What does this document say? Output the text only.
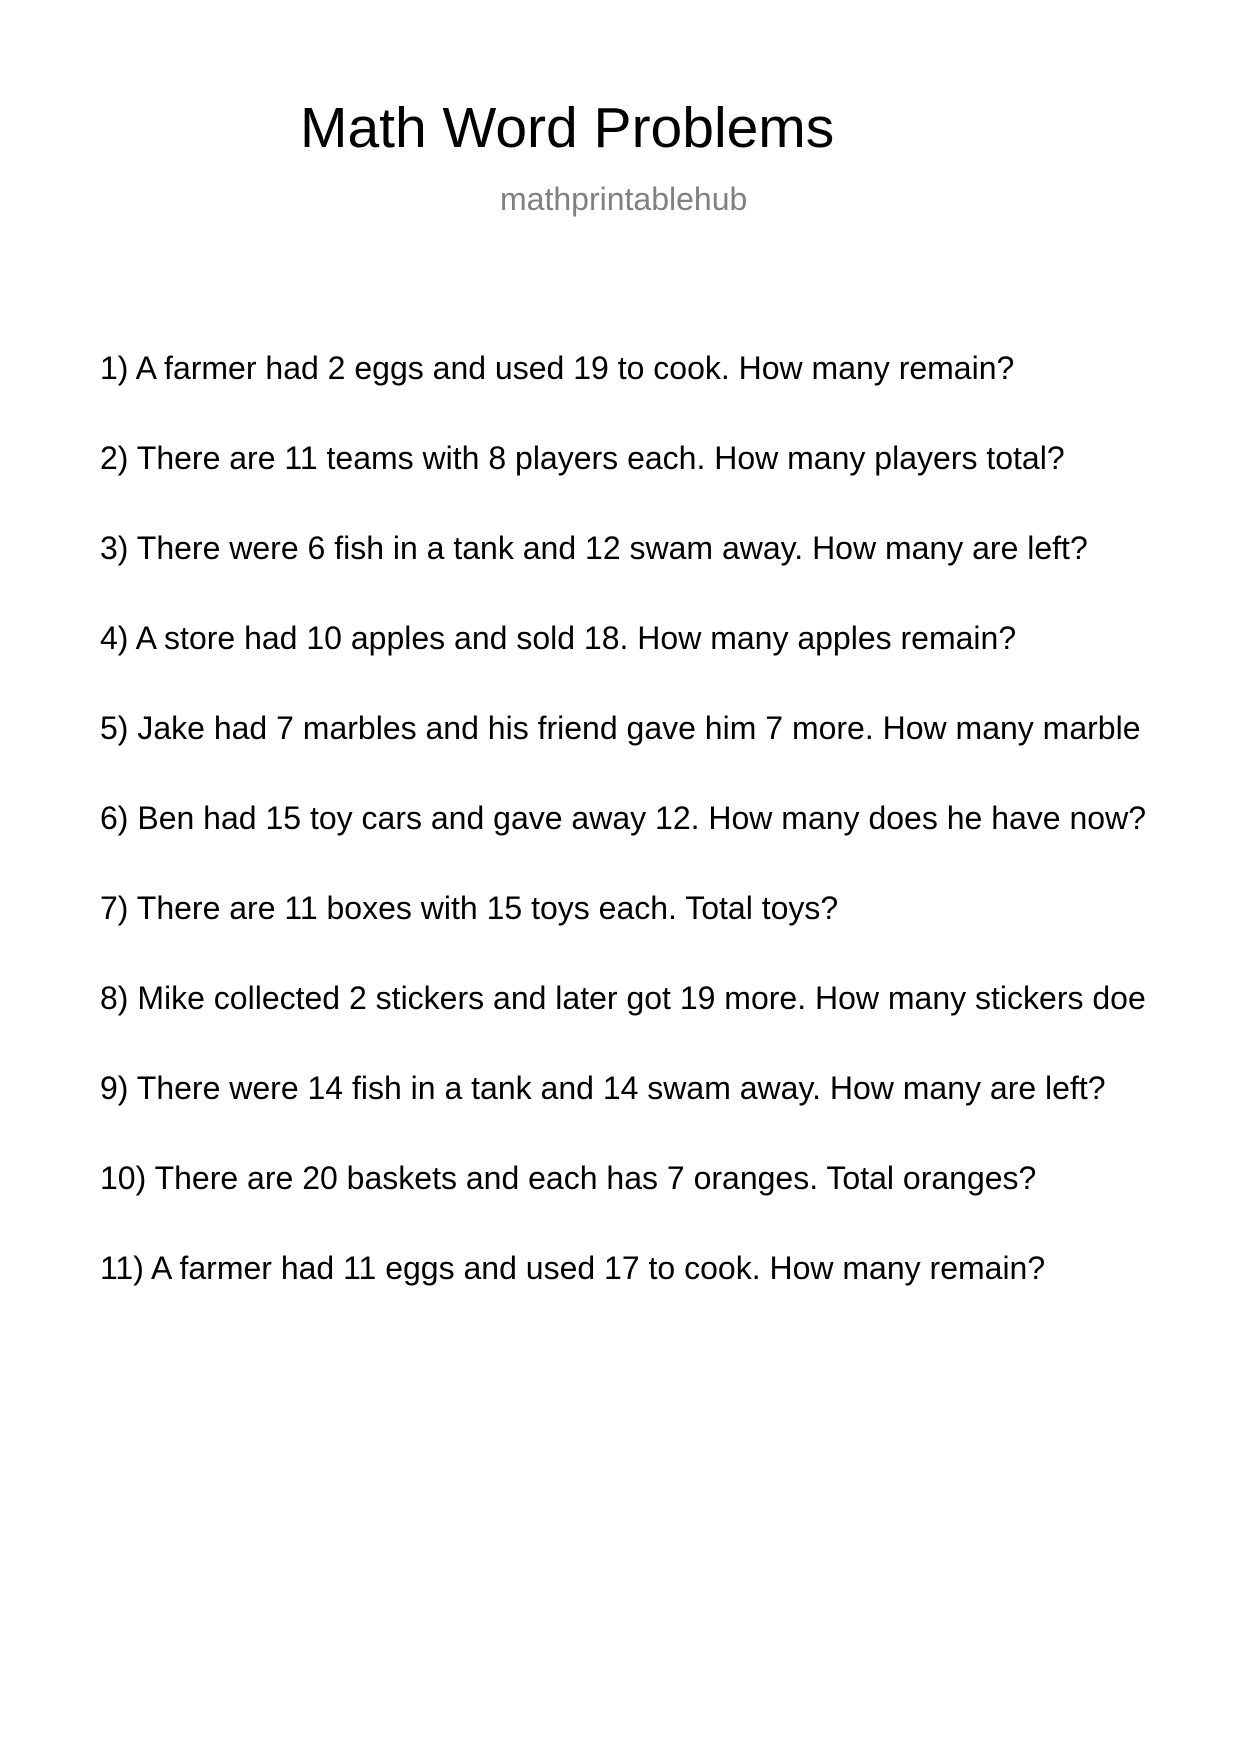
Math Word Problems
mathprintablehub
1) A farmer had 2 eggs and used 19 to cook. How many remain?
2) There are 11 teams with 8 players each. How many players total?
3) There were 6 fish in a tank and 12 swam away. How many are left?
4) A store had 10 apples and sold 18. How many apples remain?
5) Jake had 7 marbles and his friend gave him 7 more. How many marble
6) Ben had 15 toy cars and gave away 12. How many does he have now?
7) There are 11 boxes with 15 toys each. Total toys?
8) Mike collected 2 stickers and later got 19 more. How many stickers doe
9) There were 14 fish in a tank and 14 swam away. How many are left?
10) There are 20 baskets and each has 7 oranges. Total oranges?
11) A farmer had 11 eggs and used 17 to cook. How many remain?
